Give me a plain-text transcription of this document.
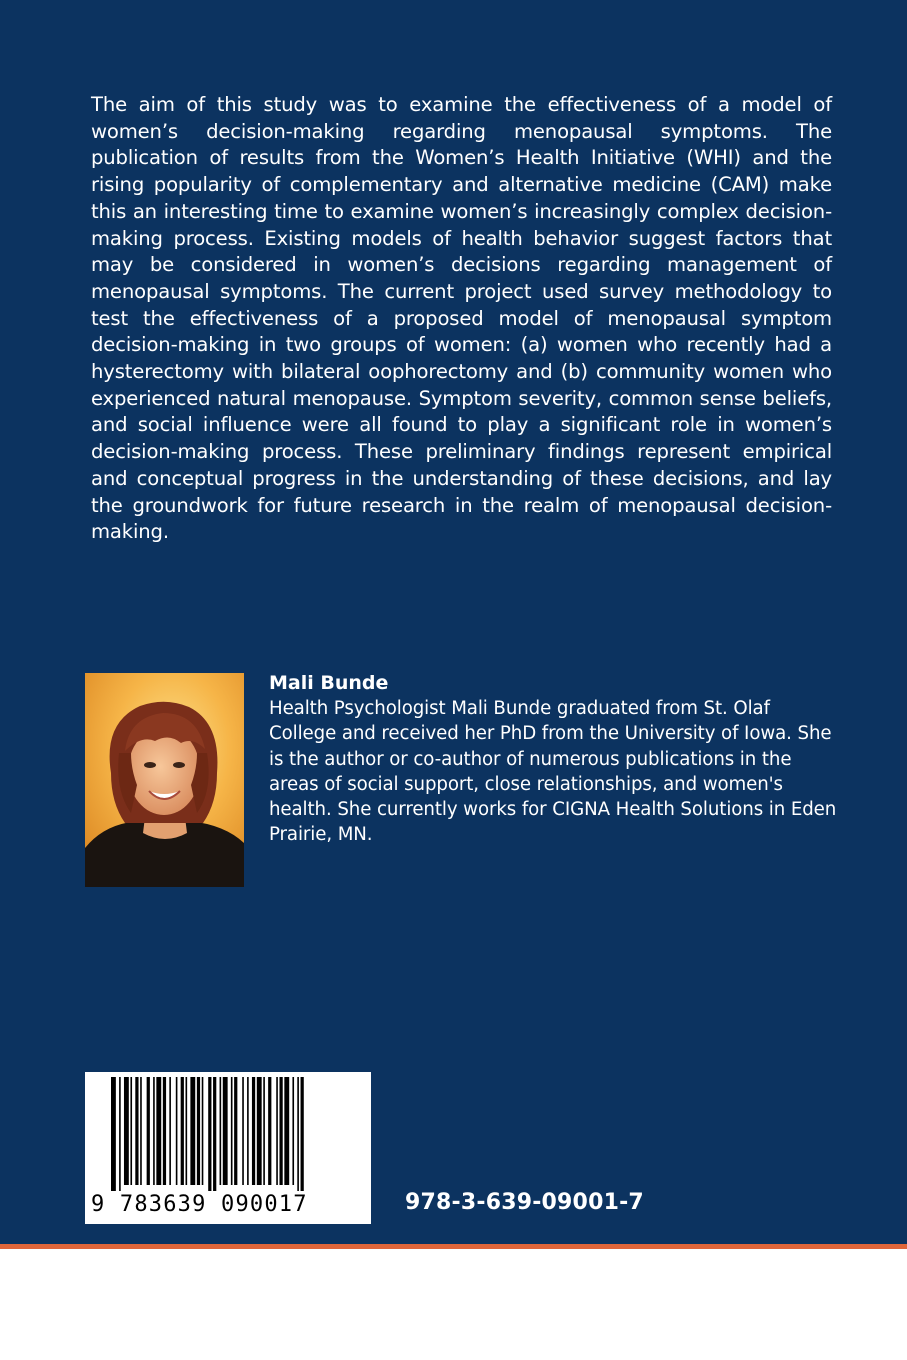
The aim of this study was to examine the effectiveness of a model of women’s decision-making regarding menopausal symptoms. The publication of results from the Women’s Health Initiative (WHI) and the rising popularity of complementary and alternative medicine (CAM) make this an interesting time to examine women’s increasingly complex decision-making process. Existing models of health behavior suggest factors that may be considered in women’s decisions regarding management of menopausal symptoms. The current project used survey methodology to test the effectiveness of a proposed model of menopausal symptom decision-making in two groups of women: (a) women who recently had a hysterectomy with bilateral oophorectomy and (b) community women who experienced natural menopause. Symptom severity, common sense beliefs, and social influence were all found to play a significant role in women’s decision-making process. These preliminary findings represent empirical and conceptual progress in the understanding of these decisions, and lay the groundwork for future research in the realm of menopausal decision- making.

Mali Bunde

Health Psychologist Mali Bunde graduated from St. Olaf College and received her PhD from the University of Iowa. She is the author or co-author of numerous publications in the areas of social support, close relationships, and women's health. She currently works for CIGNA Health Solutions in Eden Prairie, MN.

9 783639 090017	978-3-639-09001-7
